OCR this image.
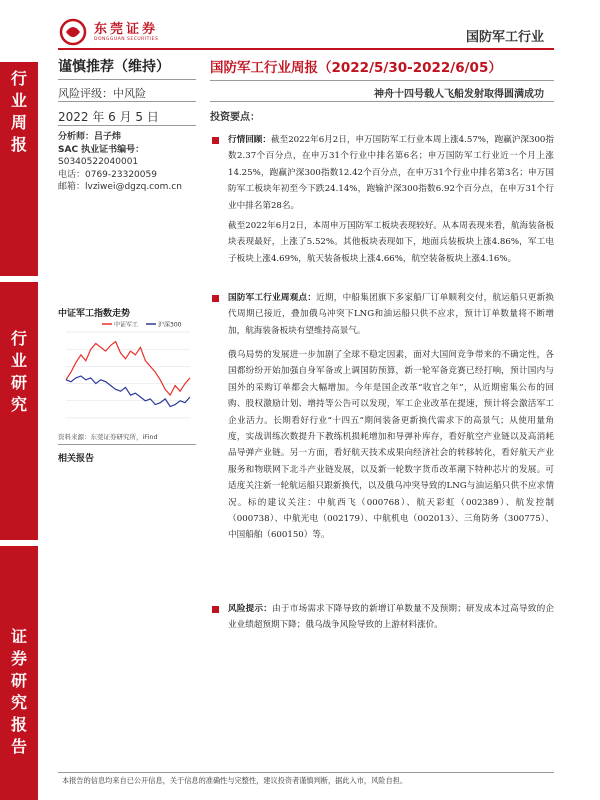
东莞证券
DONGGUAN SECURITIES	国防军工行业
行
业
周
报
行
业
研
究
证
券
研
究
报
告
谨慎推荐（维持）
风险评级：中风险
2022 年 6 月 5 日
分析师：吕子炜
SAC 执业证书编号：
S0340522040001
电话：0769-23320059
邮箱：lvziwei@dgzq.com.cn
中证军工指数走势
中证军工	沪深300
资料来源：东莞证券研究所，iFind
相关报告
国防军工行业周报（2022/5/30-2022/6/05）
神舟十四号载人飞船发射取得圆满成功
投资要点：
行情回顾：截至2022年6月2日，申万国防军工行业本周上涨4.57%，跑赢沪深300指数2.37个百分点，在申万31个行业中排名第6名；申万国防军工行业近一个月上涨14.25%，跑赢沪深300指数12.42个百分点，在申万31个行业中排名第3名；申万国防军工板块年初至今下跌24.14%，跑输沪深300指数6.92个百分点，在申万31个行业中排名第28名。
截至2022年6月2日，本周申万国防军工板块表现较好。从本周表现来看，航海装备板块表现最好，上涨了5.52%。其他板块表现如下，地面兵装板块上涨4.86%，军工电子板块上涨4.69%，航天装备板块上涨4.66%，航空装备板块上涨4.16%。
国防军工行业周观点：近期，中船集团旗下多家船厂订单顺利交付，航运船只更新换代周期已接近，叠加俄乌冲突下LNG和油运船只供不应求，预计订单数量将不断增加，航海装备板块有望维持高景气。
俄乌局势的发展进一步加剧了全球不稳定因素，面对大国间竞争带来的不确定性，各国都纷纷开始加强自身军备或上调国防预算，新一轮军备竞赛已经打响，预计国内与国外的采购订单都会大幅增加。今年是国企改革“收官之年”，从近期密集公布的回购、股权激励计划、增持等公告可以发现，军工企业改革在提速，预计将会激活军工企业活力。长期看好行业“十四五”期间装备更新换代需求下的高景气；从使用量角度，实战训练次数提升下教练机损耗增加和导弹补库存，看好航空产业链以及高消耗品导弹产业链。另一方面，看好航天技术成果向经济社会的转移转化，看好航天产业服务和物联网下北斗产业链发展，以及新一轮数字货币改革潮下特种芯片的发展。可适度关注新一轮航运船只跟新换代，以及俄乌冲突导致的LNG与油运船只供不应求情况。标的建议关注：中航西飞（000768）、航天彩虹（002389）、航发控制（000738）、中航光电（002179）、中航机电（002013）、三角防务（300775）、中国船舶（600150）等。
风险提示：由于市场需求下降导致的新增订单数量不及预期；研发成本过高导致的企业业绩超预期下降；俄乌战争风险导致的上游材料涨价。
本报告的信息均来自已公开信息，关于信息的准确性与完整性，建议投资者谨慎判断，据此入市，风险自担。
